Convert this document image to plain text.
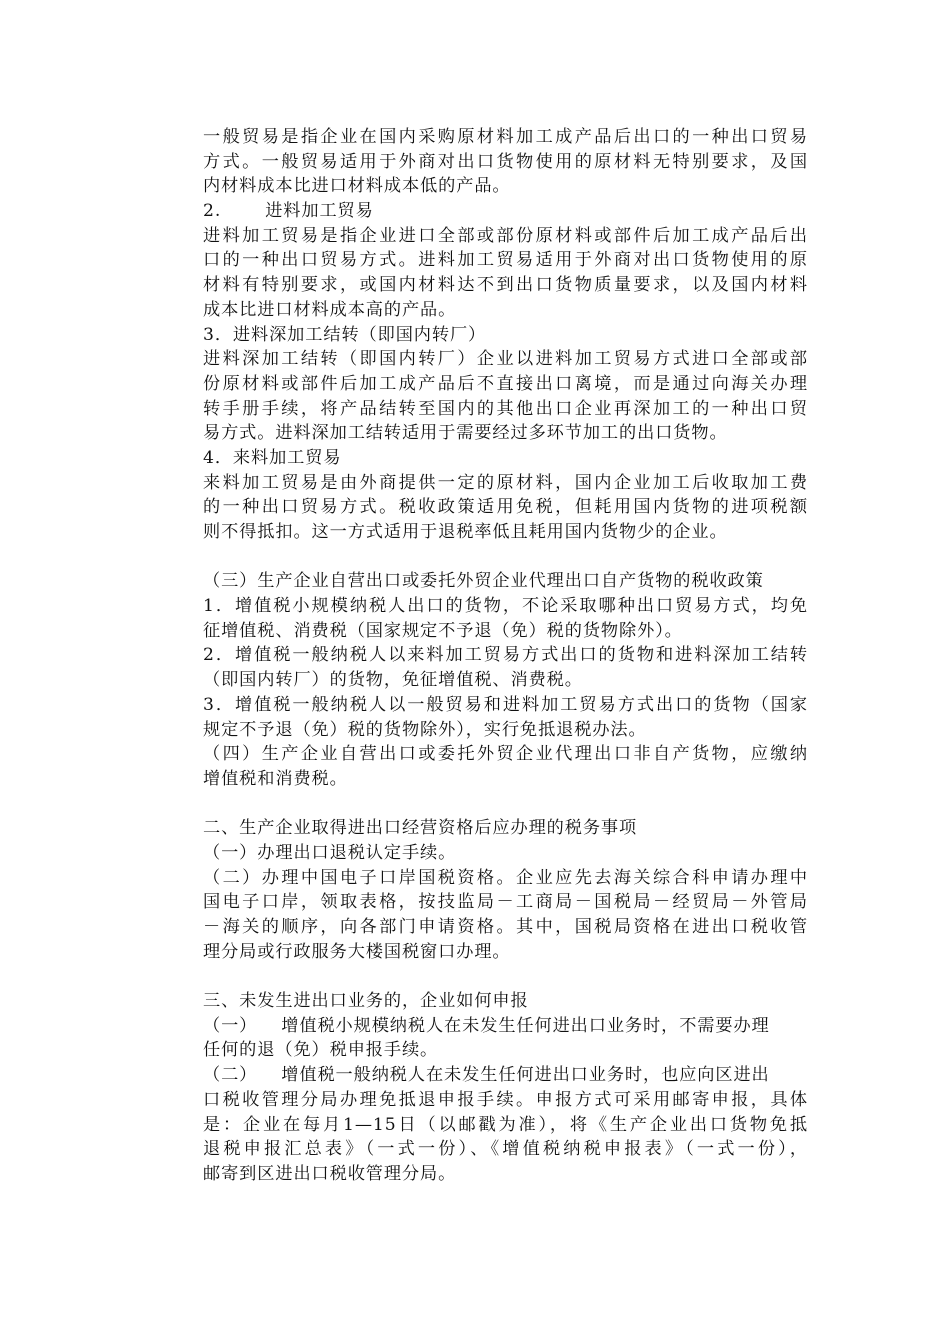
一般贸易是指企业在国内采购原材料加工成产品后出口的一种出口贸易
方式。一般贸易适用于外商对出口货物使用的原材料无特别要求，及国
内材料成本比进口材料成本低的产品。
2.	进料加工贸易
进料加工贸易是指企业进口全部或部份原材料或部件后加工成产品后出
口的一种出口贸易方式。进料加工贸易适用于外商对出口货物使用的原
材料有特别要求，或国内材料达不到出口货物质量要求，以及国内材料
成本比进口材料成本高的产品。
3．进料深加工结转（即国内转厂）
进料深加工结转（即国内转厂）企业以进料加工贸易方式进口全部或部
份原材料或部件后加工成产品后不直接出口离境，而是通过向海关办理
转手册手续，将产品结转至国内的其他出口企业再深加工的一种出口贸
易方式。进料深加工结转适用于需要经过多环节加工的出口货物。
4．来料加工贸易
来料加工贸易是由外商提供一定的原材料，国内企业加工后收取加工费
的一种出口贸易方式。税收政策适用免税，但耗用国内货物的进项税额
则不得抵扣。这一方式适用于退税率低且耗用国内货物少的企业。
（三）生产企业自营出口或委托外贸企业代理出口自产货物的税收政策
1．增值税小规模纳税人出口的货物，不论采取哪种出口贸易方式，均免
征增值税、消费税（国家规定不予退（免）税的货物除外）。
2．增值税一般纳税人以来料加工贸易方式出口的货物和进料深加工结转
（即国内转厂）的货物，免征增值税、消费税。
3．增值税一般纳税人以一般贸易和进料加工贸易方式出口的货物（国家
规定不予退（免）税的货物除外），实行免抵退税办法。
（四）生产企业自营出口或委托外贸企业代理出口非自产货物，应缴纳
增值税和消费税。
二、生产企业取得进出口经营资格后应办理的税务事项
（一）办理出口退税认定手续。
（二）办理中国电子口岸国税资格。企业应先去海关综合科申请办理中
国电子口岸，领取表格，按技监局－工商局－国税局－经贸局－外管局
－海关的顺序，向各部门申请资格。其中，国税局资格在进出口税收管
理分局或行政服务大楼国税窗口办理。
三、未发生进出口业务的，企业如何申报
（一） 增值税小规模纳税人在未发生任何进出口业务时，不需要办理
任何的退（免）税申报手续。
（二） 增值税一般纳税人在未发生任何进出口业务时，也应向区进出
口税收管理分局办理免抵退申报手续。申报方式可采用邮寄申报，具体
是：企业在每月1—15日（以邮戳为准），将《生产企业出口货物免抵
退税申报汇总表》（一式一份）、《增值税纳税申报表》（一式一份），
邮寄到区进出口税收管理分局。
